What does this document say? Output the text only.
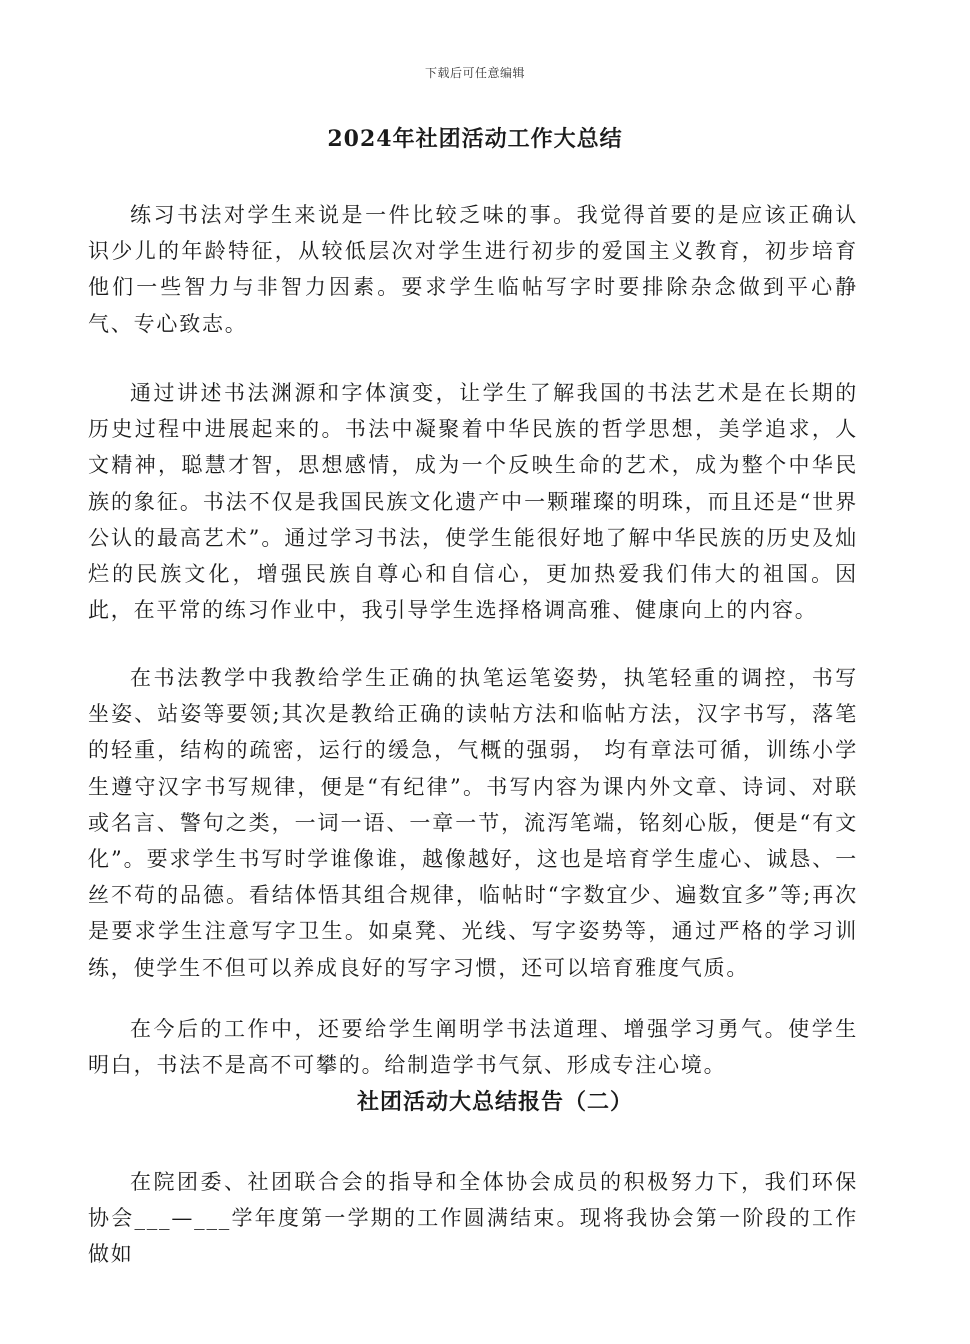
下载后可任意编辑
2024年社团活动工作大总结

练习书法对学生来说是一件比较乏味的事。我觉得首要的是应该正确认识少儿的年龄特征，从较低层次对学生进行初步的爱国主义教育，初步培育他们一些智力与非智力因素。要求学生临帖写字时要排除杂念做到平心静气、专心致志。

通过讲述书法渊源和字体演变，让学生了解我国的书法艺术是在长期的历史过程中进展起来的。书法中凝聚着中华民族的哲学思想，美学追求，人文精神，聪慧才智，思想感情，成为一个反映生命的艺术，成为整个中华民族的象征。书法不仅是我国民族文化遗产中一颗璀璨的明珠，而且还是“世界公认的最高艺术”。通过学习书法，使学生能很好地了解中华民族的历史及灿烂的民族文化，增强民族自尊心和自信心，更加热爱我们伟大的祖国。因此，在平常的练习作业中，我引导学生选择格调高雅、健康向上的内容。

在书法教学中我教给学生正确的执笔运笔姿势，执笔轻重的调控，书写坐姿、站姿等要领;其次是教给正确的读帖方法和临帖方法，汉字书写，落笔的轻重，结构的疏密，运行的缓急，气概的强弱， 均有章法可循，训练小学生遵守汉字书写规律，便是“有纪律”。书写内容为课内外文章、诗词、对联或名言、警句之类，一词一语、一章一节，流泻笔端，铭刻心版，便是“有文化”。要求学生书写时学谁像谁，越像越好，这也是培育学生虚心、诚恳、一丝不苟的品德。看结体悟其组合规律，临帖时“字数宜少、遍数宜多”等;再次是要求学生注意写字卫生。如桌凳、光线、写字姿势等，通过严格的学习训练，使学生不但可以养成良好的写字习惯，还可以培育雅度气质。

在今后的工作中，还要给学生阐明学书法道理、增强学习勇气。使学生明白，书法不是高不可攀的。给制造学书气氛、形成专注心境。

社团活动大总结报告（二）

在院团委、社团联合会的指导和全体协会成员的积极努力下，我们环保协会___—___学年度第一学期的工作圆满结束。现将我协会第一阶段的工作做如
